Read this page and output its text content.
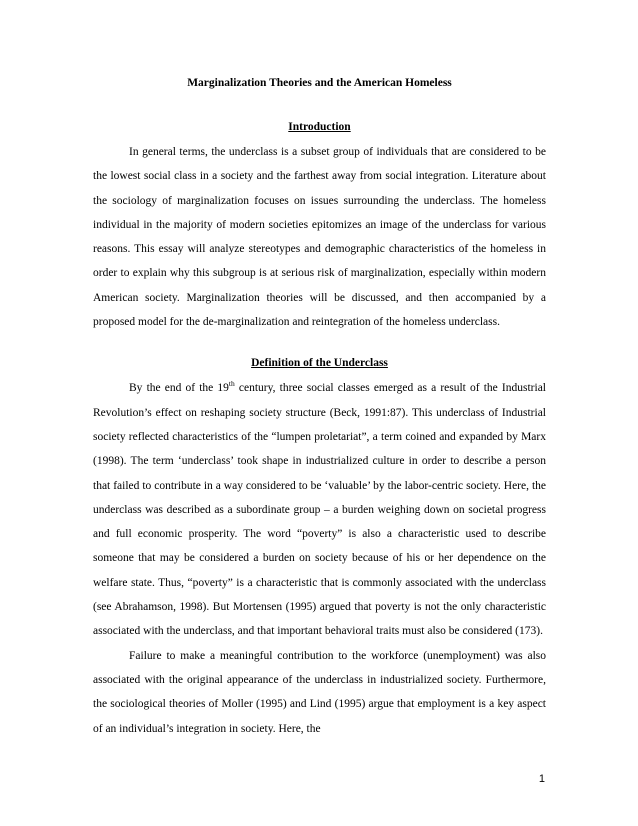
Marginalization Theories and the American Homeless
Introduction

In general terms, the underclass is a subset group of individuals that are considered to be the lowest social class in a society and the farthest away from social integration. Literature about the sociology of marginalization focuses on issues surrounding the underclass. The homeless individual in the majority of modern societies epitomizes an image of the underclass for various reasons. This essay will analyze stereotypes and demographic characteristics of the homeless in order to explain why this subgroup is at serious risk of marginalization, especially within modern American society. Marginalization theories will be discussed, and then accompanied by a proposed model for the de-marginalization and reintegration of the homeless underclass.

Definition of the Underclass

By the end of the 19th century, three social classes emerged as a result of the Industrial Revolution’s effect on reshaping society structure (Beck, 1991:87). This underclass of Industrial society reflected characteristics of the “lumpen proletariat”, a term coined and expanded by Marx (1998). The term ‘underclass’ took shape in industrialized culture in order to describe a person that failed to contribute in a way considered to be ‘valuable’ by the labor-centric society. Here, the underclass was described as a subordinate group – a burden weighing down on societal progress and full economic prosperity. The word “poverty” is also a characteristic used to describe someone that may be considered a burden on society because of his or her dependence on the welfare state. Thus, “poverty” is a characteristic that is commonly associated with the underclass (see Abrahamson, 1998). But Mortensen (1995) argued that poverty is not the only characteristic associated with the underclass, and that important behavioral traits must also be considered (173).

Failure to make a meaningful contribution to the workforce (unemployment) was also associated with the original appearance of the underclass in industrialized society. Furthermore, the sociological theories of Moller (1995) and Lind (1995) argue that employment is a key aspect of an individual’s integration in society. Here, the

1
